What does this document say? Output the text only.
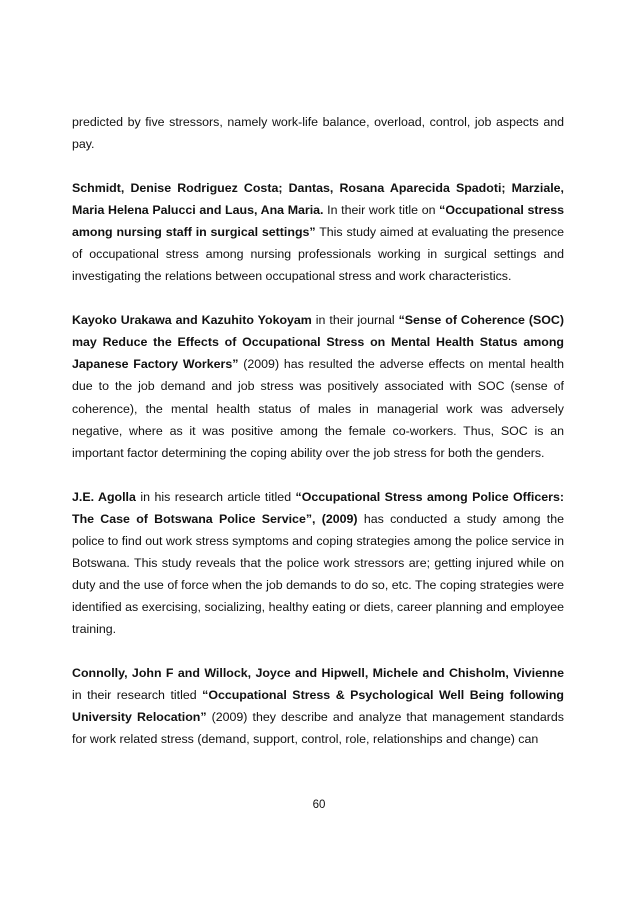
predicted by five stressors, namely work-life balance, overload, control, job aspects and pay.

Schmidt, Denise Rodriguez Costa; Dantas, Rosana Aparecida Spadoti; Marziale, Maria Helena Palucci and Laus, Ana Maria. In their work title on “Occupational stress among nursing staff in surgical settings” This study aimed at evaluating the presence of occupational stress among nursing professionals working in surgical settings and investigating the relations between occupational stress and work characteristics.

Kayoko Urakawa and Kazuhito Yokoyam in their journal “Sense of Coherence (SOC) may Reduce the Effects of Occupational Stress on Mental Health Status among Japanese Factory Workers” (2009) has resulted the adverse effects on mental health due to the job demand and job stress was positively associated with SOC (sense of coherence), the mental health status of males in managerial work was adversely negative, where as it was positive among the female co-workers. Thus, SOC is an important factor determining the coping ability over the job stress for both the genders.

J.E. Agolla in his research article titled “Occupational Stress among Police Officers: The Case of Botswana Police Service”, (2009) has conducted a study among the police to find out work stress symptoms and coping strategies among the police service in Botswana. This study reveals that the police work stressors are; getting injured while on duty and the use of force when the job demands to do so, etc. The coping strategies were identified as exercising, socializing, healthy eating or diets, career planning and employee training.

Connolly, John F and Willock, Joyce and Hipwell, Michele and Chisholm, Vivienne in their research titled “Occupational Stress & Psychological Well Being following University Relocation” (2009) they describe and analyze that management standards for work related stress (demand, support, control, role, relationships and change) can

60
